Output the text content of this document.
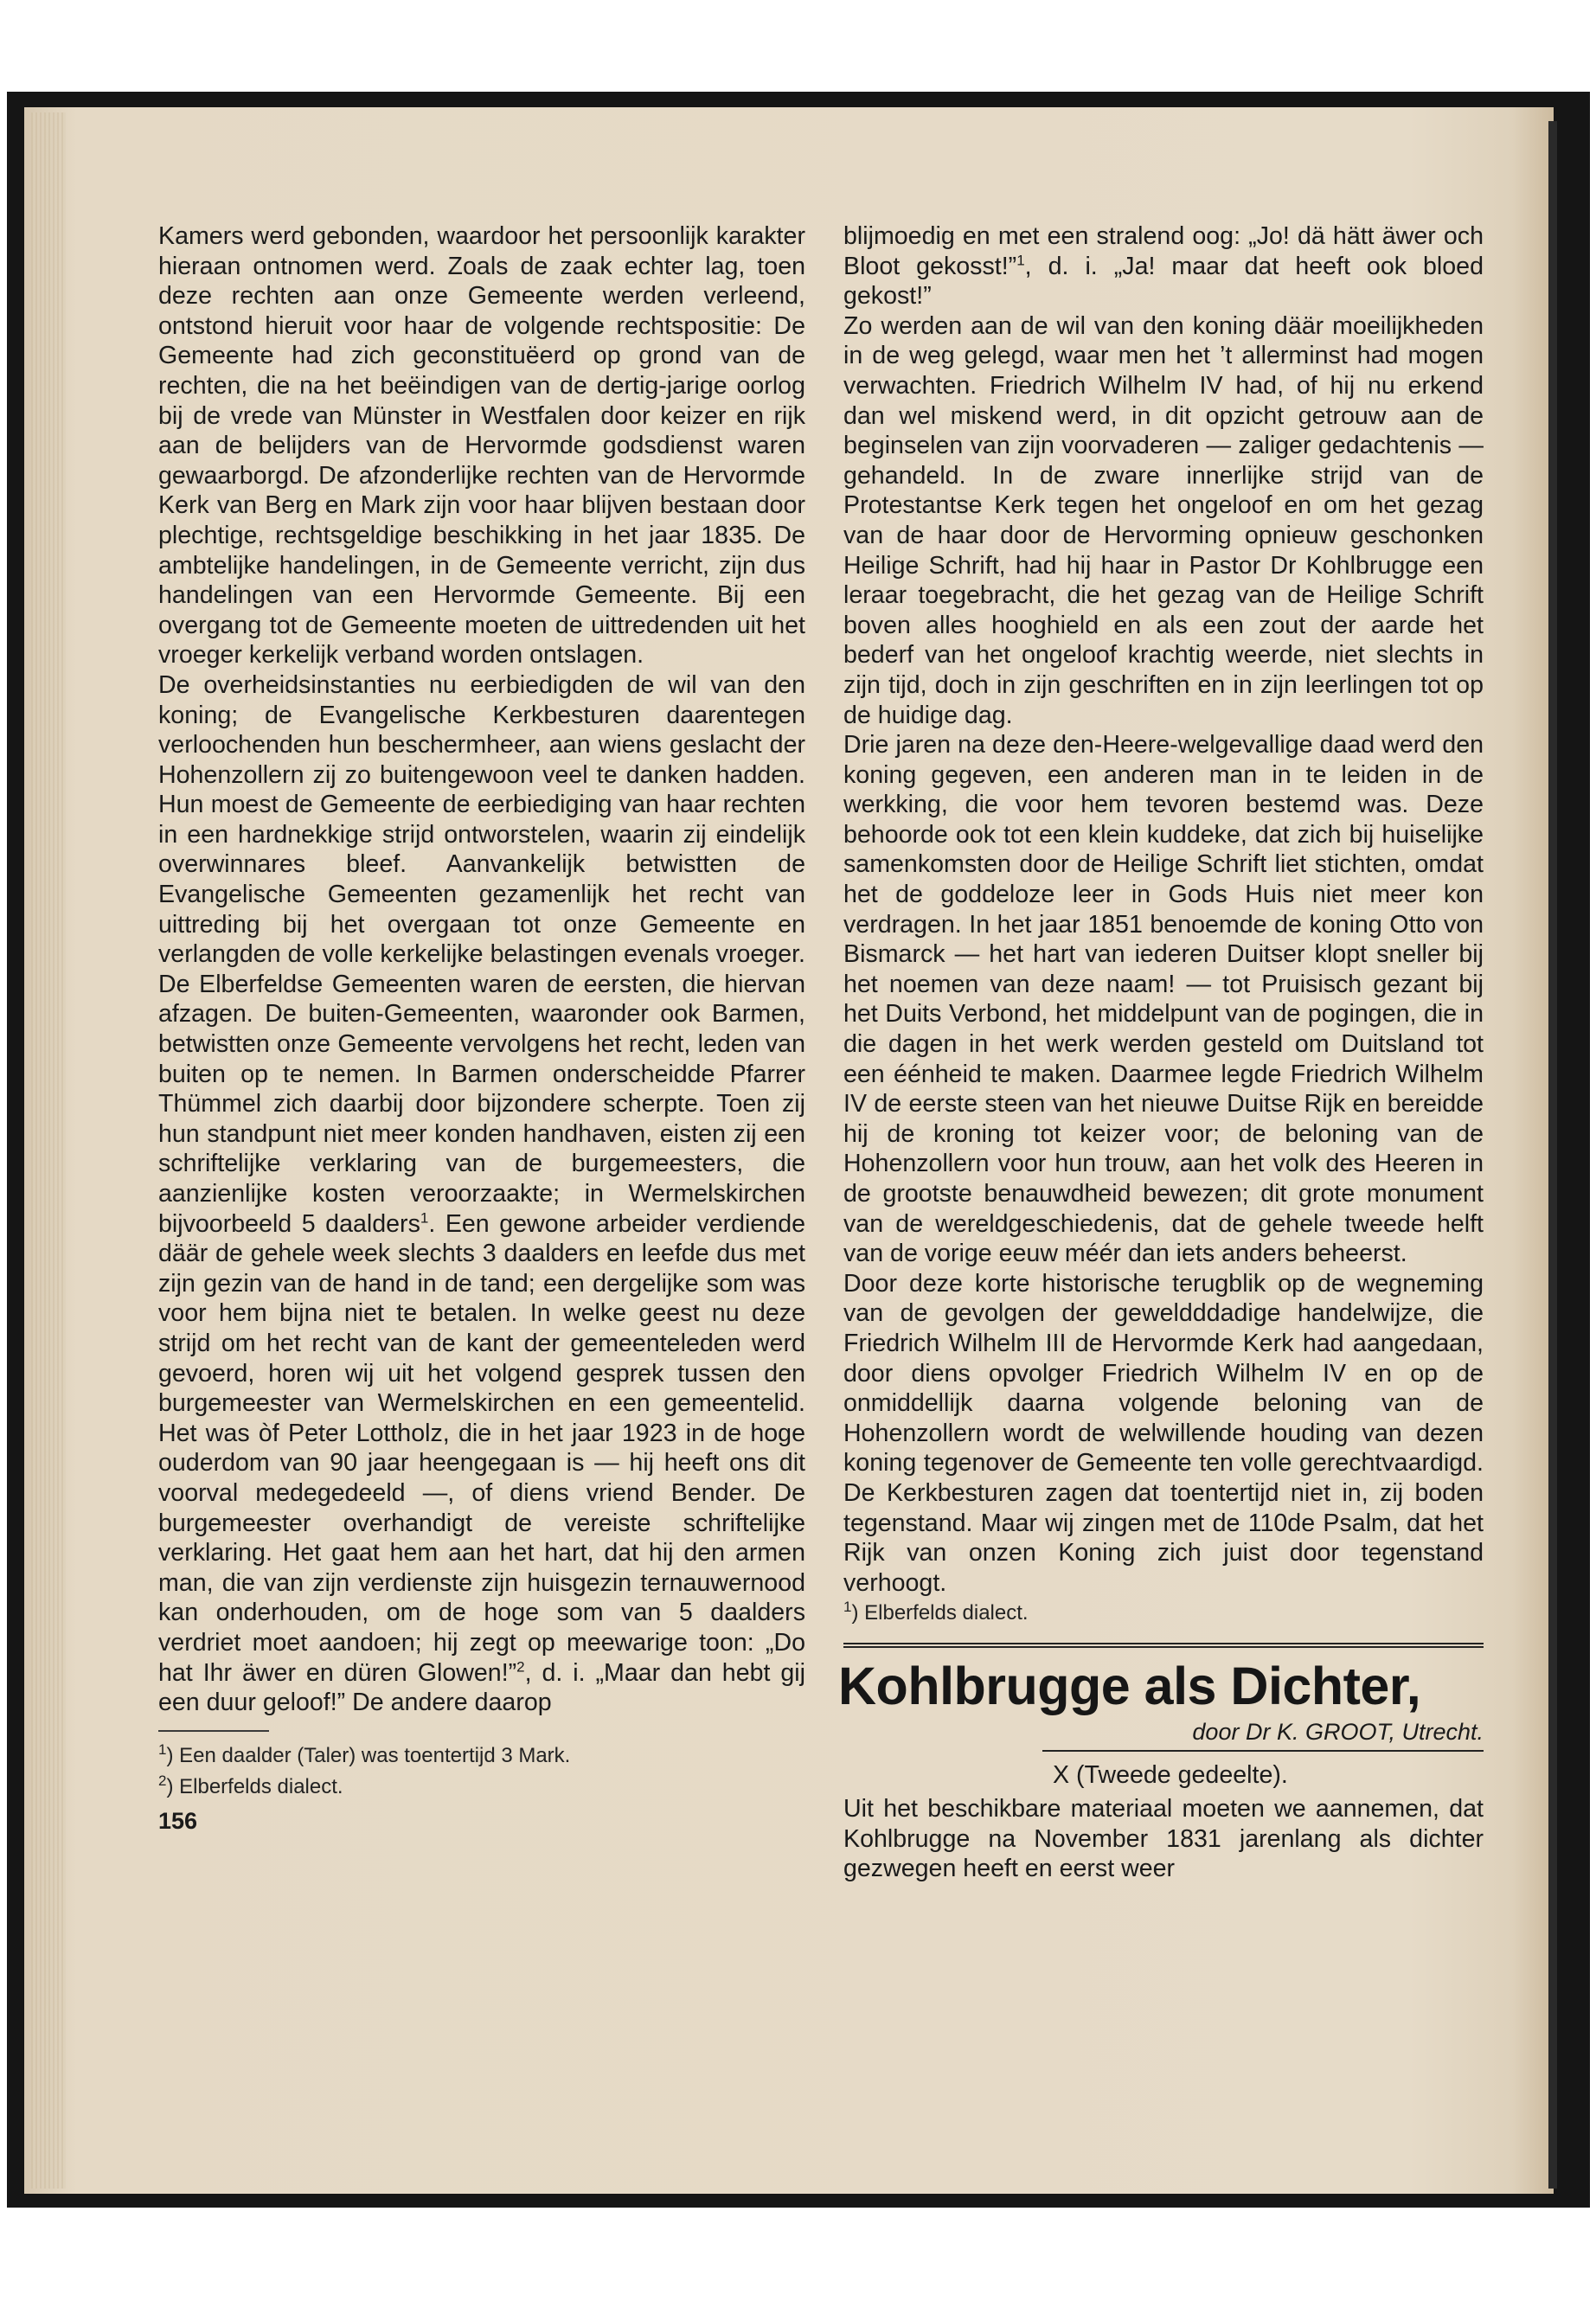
Kamers werd gebonden, waardoor het persoonlijk karakter hieraan ontnomen werd. Zoals de zaak echter lag, toen deze rechten aan onze Gemeente werden verleend, ontstond hieruit voor haar de volgende rechtspositie: De Gemeente had zich geconstituëerd op grond van de rechten, die na het beëindigen van de dertig-jarige oorlog bij de vrede van Münster in Westfalen door keizer en rijk aan de belijders van de Hervormde godsdienst waren gewaarborgd. De afzonderlijke rechten van de Hervormde Kerk van Berg en Mark zijn voor haar blijven bestaan door plechtige, rechtsgeldige beschikking in het jaar 1835. De ambtelijke handelingen, in de Gemeente verricht, zijn dus handelingen van een Hervormde Gemeente. Bij een overgang tot de Gemeente moeten de uittredenden uit het vroeger kerkelijk verband worden ontslagen.

De overheidsinstanties nu eerbiedigden de wil van den koning; de Evangelische Kerkbesturen daarentegen verloochenden hun beschermheer, aan wiens geslacht der Hohenzollern zij zo buitengewoon veel te danken hadden. Hun moest de Gemeente de eerbiediging van haar rechten in een hardnekkige strijd ontworstelen, waarin zij eindelijk overwinnares bleef. Aanvankelijk betwistten de Evangelische Gemeenten gezamenlijk het recht van uittreding bij het overgaan tot onze Gemeente en verlangden de volle kerkelijke belastingen evenals vroeger. De Elberfeldse Gemeenten waren de eersten, die hiervan afzagen. De buiten-Gemeenten, waaronder ook Barmen, betwistten onze Gemeente vervolgens het recht, leden van buiten op te nemen. In Barmen onderscheidde Pfarrer Thümmel zich daarbij door bijzondere scherpte. Toen zij hun standpunt niet meer konden handhaven, eisten zij een schriftelijke verklaring van de burgemeesters, die aanzienlijke kosten veroorzaakte; in Wermelskirchen bijvoorbeeld 5 daalders$^1$. Een gewone arbeider verdiende däär de gehele week slechts 3 daalders en leefde dus met zijn gezin van de hand in de tand; een dergelijke som was voor hem bijna niet te betalen. In welke geest nu deze strijd om het recht van de kant der gemeenteleden werd gevoerd, horen wij uit het volgend gesprek tussen den burgemeester van Wermelskirchen en een gemeentelid. Het was òf Peter Lottholz, die in het jaar 1923 in de hoge ouderdom van 90 jaar heengegaan is — hij heeft ons dit voorval medegedeeld —, of diens vriend Bender. De burgemeester overhandigt de vereiste schriftelijke verklaring. Het gaat hem aan het hart, dat hij den armen man, die van zijn verdienste zijn huisgezin ternauwernood kan onderhouden, om de hoge som van 5 daalders verdriet moet aandoen; hij zegt op meewarige toon: „Do hat Ihr äwer en düren Glowen!”$^2$, d. i. „Maar dan hebt gij een duur geloof!” De andere daarop

$^1$) Een daalder (Taler) was toentertijd 3 Mark.

$^2$) Elberfelds dialect.

156

blijmoedig en met een stralend oog: „Jo! dä hätt äwer och Bloot gekosst!”$^1$, d. i. „Ja! maar dat heeft ook bloed gekost!”

Zo werden aan de wil van den koning däär moeilijkheden in de weg gelegd, waar men het ’t allerminst had mogen verwachten. Friedrich Wilhelm IV had, of hij nu erkend dan wel miskend werd, in dit opzicht getrouw aan de beginselen van zijn voorvaderen — zaliger gedachtenis — gehandeld. In de zware innerlijke strijd van de Protestantse Kerk tegen het ongeloof en om het gezag van de haar door de Hervorming opnieuw geschonken Heilige Schrift, had hij haar in Pastor Dr Kohlbrugge een leraar toegebracht, die het gezag van de Heilige Schrift boven alles hooghield en als een zout der aarde het bederf van het ongeloof krachtig weerde, niet slechts in zijn tijd, doch in zijn geschriften en in zijn leerlingen tot op de huidige dag.

Drie jaren na deze den-Heere-welgevallige daad werd den koning gegeven, een anderen man in te leiden in de werkking, die voor hem tevoren bestemd was. Deze behoorde ook tot een klein kuddeke, dat zich bij huiselijke samenkomsten door de Heilige Schrift liet stichten, omdat het de goddeloze leer in Gods Huis niet meer kon verdragen. In het jaar 1851 benoemde de koning Otto von Bismarck — het hart van iederen Duitser klopt sneller bij het noemen van deze naam! — tot Pruisisch gezant bij het Duits Verbond, het middelpunt van de pogingen, die in die dagen in het werk werden gesteld om Duitsland tot een éénheid te maken. Daarmee legde Friedrich Wilhelm IV de eerste steen van het nieuwe Duitse Rijk en bereidde hij de kroning tot keizer voor; de beloning van de Hohenzollern voor hun trouw, aan het volk des Heeren in de grootste benauwdheid bewezen; dit grote monument van de wereldgeschiedenis, dat de gehele tweede helft van de vorige eeuw méér dan iets anders beheerst.

Door deze korte historische terugblik op de wegneming van de gevolgen der geweldddadige handelwijze, die Friedrich Wilhelm III de Hervormde Kerk had aangedaan, door diens opvolger Friedrich Wilhelm IV en op de onmiddellijk daarna volgende beloning van de Hohenzollern wordt de welwillende houding van dezen koning tegenover de Gemeente ten volle gerechtvaardigd. De Kerkbesturen zagen dat toentertijd niet in, zij boden tegenstand. Maar wij zingen met de 110de Psalm, dat het Rijk van onzen Koning zich juist door tegenstand verhoogt.

$^1$) Elberfelds dialect.

Kohlbrugge als Dichter,
door Dr K. GROOT, Utrecht.
X (Tweede gedeelte).

Uit het beschikbare materiaal moeten we aannemen, dat Kohlbrugge na November 1831 jarenlang als dichter gezwegen heeft en eerst weer
